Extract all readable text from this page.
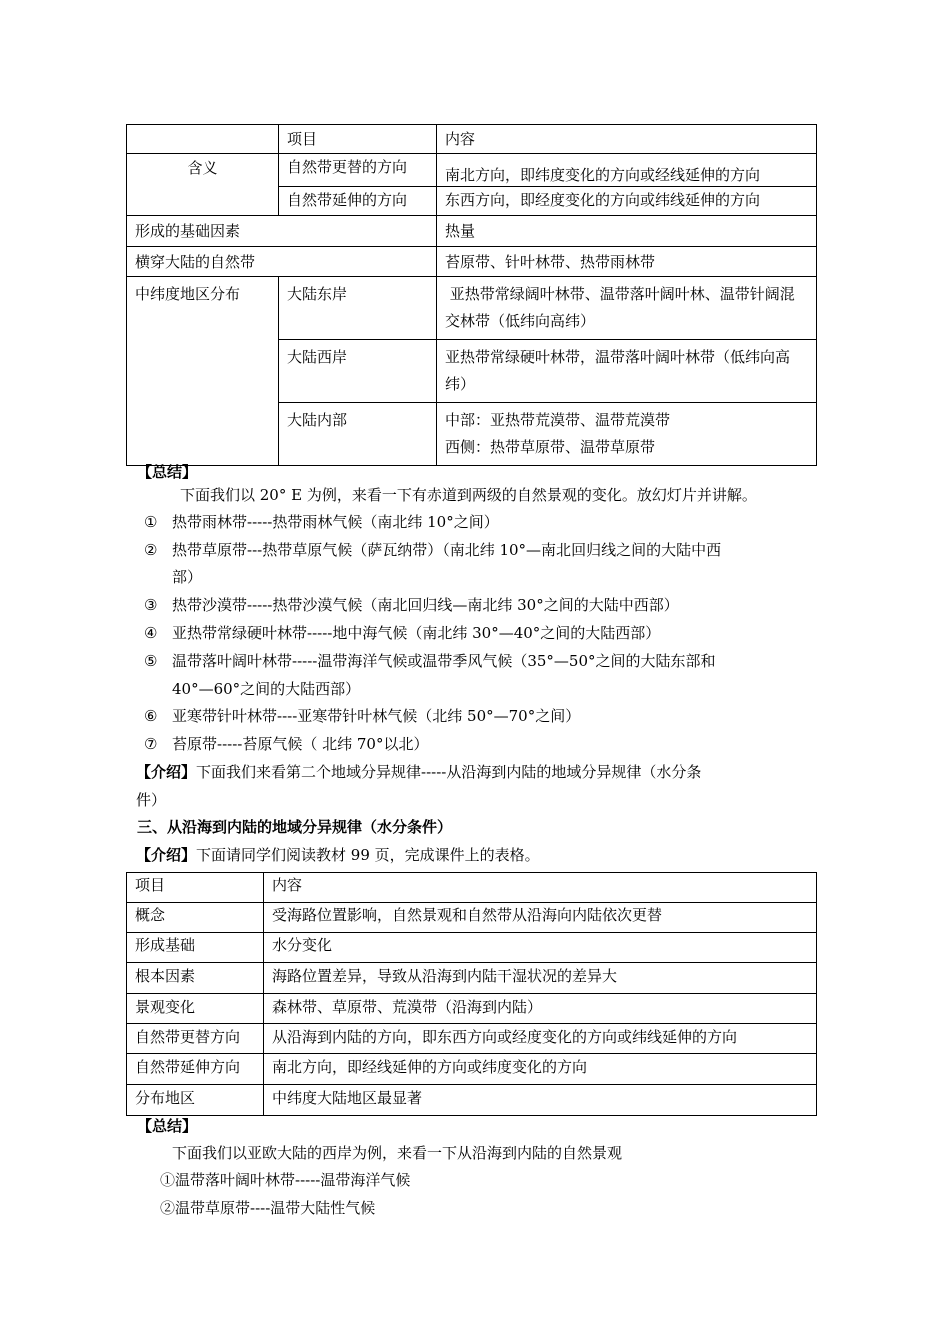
	项目	内容
含义	自然带更替的方向	南北方向，即纬度变化的方向或经线延伸的方向
	自然带延伸的方向	东西方向，即经度变化的方向或纬线延伸的方向
形成的基础因素		热量
横穿大陆的自然带		苔原带、针叶林带、热带雨林带
中纬度地区分布	大陆东岸	亚热带常绿阔叶林带、温带落叶阔叶林、温带针阔混交林带（低纬向高纬）
	大陆西岸	亚热带常绿硬叶林带，温带落叶阔叶林带（低纬向高纬）
	大陆内部	中部：亚热带荒漠带、温带荒漠带
西侧：热带草原带、温带草原带
【总结】
下面我们以 20° E 为例，来看一下有赤道到两级的自然景观的变化。放幻灯片并讲解。
① 热带雨林带-----热带雨林气候（南北纬 10°之间）
② 热带草原带---热带草原气候（萨瓦纳带）（南北纬 10°—南北回归线之间的大陆中西
部）
③ 热带沙漠带-----热带沙漠气候（南北回归线—南北纬 30°之间的大陆中西部）
④ 亚热带常绿硬叶林带-----地中海气候（南北纬 30°—40°之间的大陆西部）
⑤ 温带落叶阔叶林带-----温带海洋气候或温带季风气候（35°—50°之间的大陆东部和
40°—60°之间的大陆西部）
⑥ 亚寒带针叶林带----亚寒带针叶林气候（北纬 50°—70°之间）
⑦ 苔原带-----苔原气候（ 北纬 70°以北）
【介绍】下面我们来看第二个地域分异规律-----从沿海到内陆的地域分异规律（水分条
件）
三、从沿海到内陆的地域分异规律（水分条件）
【介绍】下面请同学们阅读教材 99 页，完成课件上的表格。
项目	内容
概念	受海路位置影响，自然景观和自然带从沿海向内陆依次更替
形成基础	水分变化
根本因素	海路位置差异，导致从沿海到内陆干湿状况的差异大
景观变化	森林带、草原带、荒漠带（沿海到内陆）
自然带更替方向	从沿海到内陆的方向，即东西方向或经度变化的方向或纬线延伸的方向
自然带延伸方向	南北方向，即经线延伸的方向或纬度变化的方向
分布地区	中纬度大陆地区最显著
【总结】
下面我们以亚欧大陆的西岸为例，来看一下从沿海到内陆的自然景观
①温带落叶阔叶林带-----温带海洋气候
②温带草原带----温带大陆性气候
